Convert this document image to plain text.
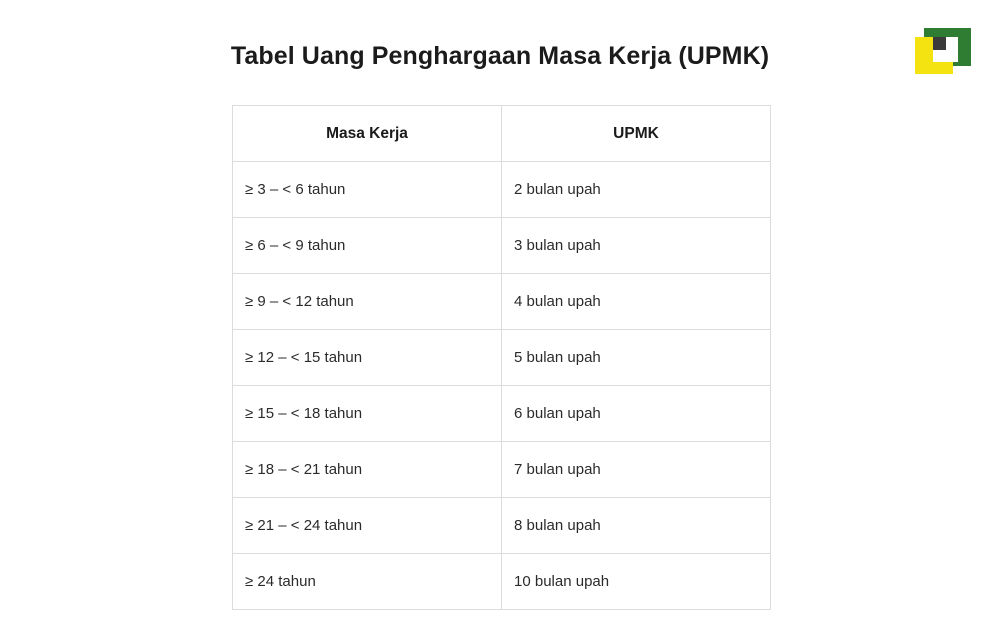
Tabel Uang Penghargaan Masa Kerja (UPMK)
Masa Kerja	UPMK
≥ 3 – < 6 tahun	2 bulan upah
≥ 6 – < 9 tahun	3 bulan upah
≥ 9 – < 12 tahun	4 bulan upah
≥ 12 – < 15 tahun	5 bulan upah
≥ 15 – < 18 tahun	6 bulan upah
≥ 18 – < 21 tahun	7 bulan upah
≥ 21 – < 24 tahun	8 bulan upah
≥ 24 tahun	10 bulan upah
